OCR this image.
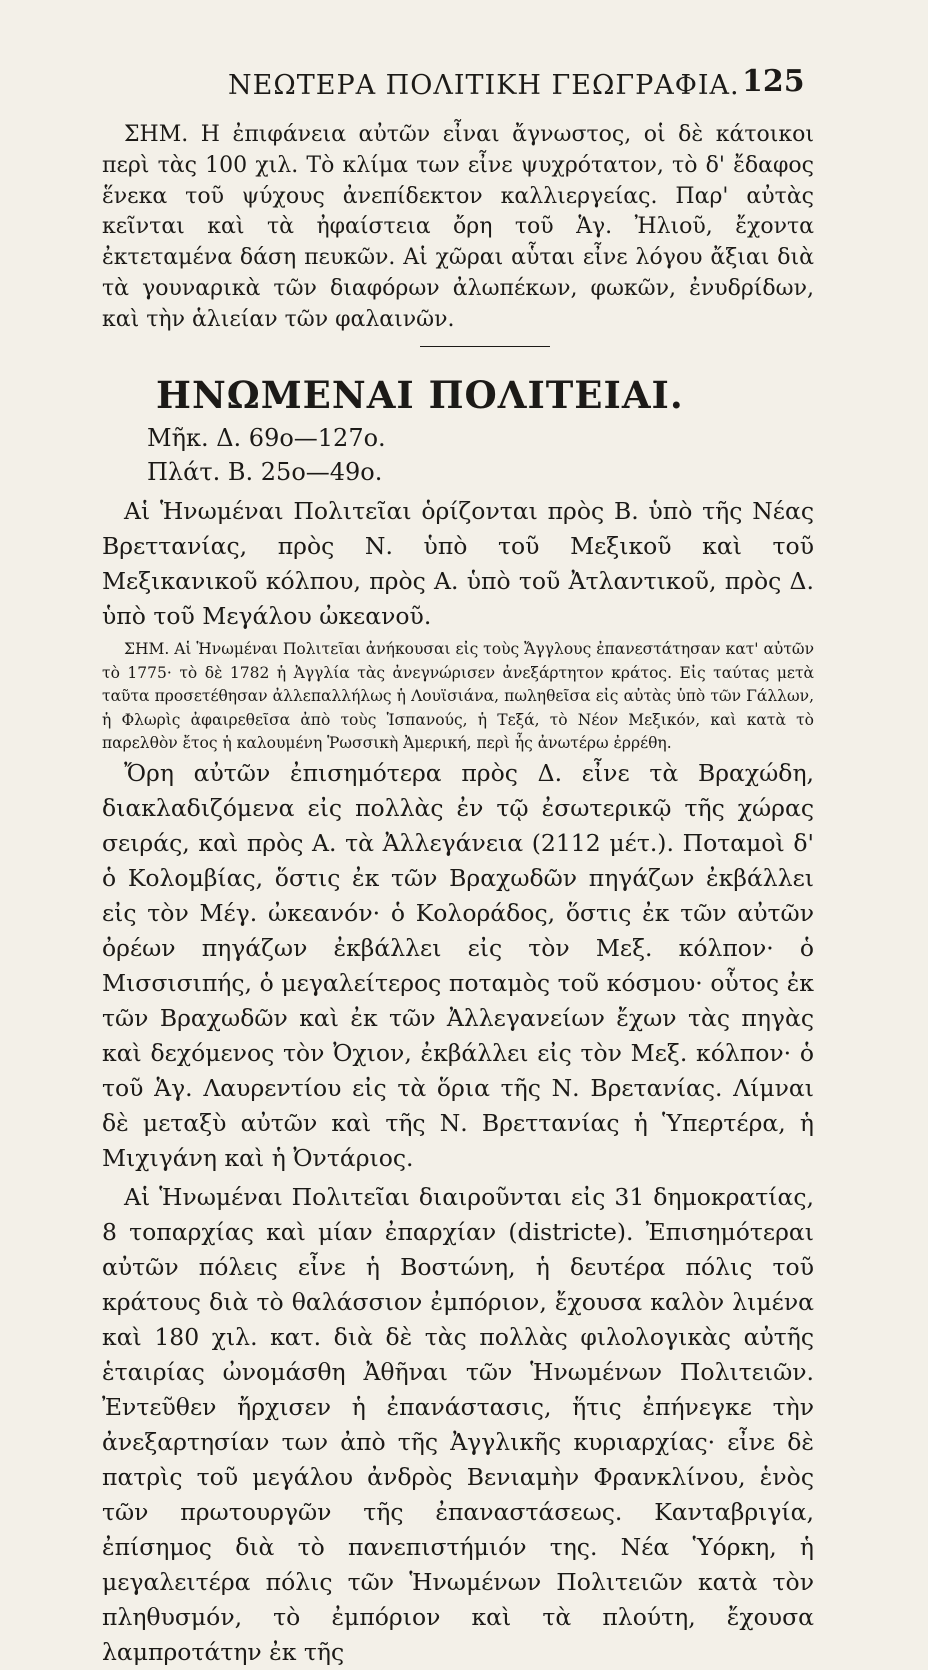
ΝΕΩΤΕΡΑ ΠΟΛΙΤΙΚΗ ΓΕΩΓΡΑΦΙΑ. 125

ΣΗΜ. Η ἐπιφάνεια αὐτῶν εἶναι ἄγνωστος, οἱ δὲ κάτοικοι περὶ τὰς 100 χιλ. Τὸ κλίμα των εἶνε ψυχρότατον, τὸ δ' ἔδαφος ἕνεκα τοῦ ψύχους ἀνεπίδεκτον καλλιεργείας. Παρ' αὐτὰς κεῖνται καὶ τὰ ἠφαίστεια ὄρη τοῦ Ἁγ. Ἠλιοῦ, ἔχοντα ἐκτεταμένα δάση πευκῶν. Αἱ χῶραι αὗται εἶνε λόγου ἄξιαι διὰ τὰ γουναρικὰ τῶν διαφόρων ἀλωπέκων, φωκῶν, ἐνυδρίδων, καὶ τὴν ἁλιείαν τῶν φαλαινῶν.

ΗΝΩΜΕΝΑΙ ΠΟΛΙΤΕΙΑΙ.

Μῆκ. Δ. 69ο—127ο.

Πλάτ. Β. 25ο—49ο.

Αἱ Ἡνωμέναι Πολιτεῖαι ὁρίζονται πρὸς Β. ὑπὸ τῆς Νέας Βρεττανίας, πρὸς Ν. ὑπὸ τοῦ Μεξικοῦ καὶ τοῦ Μεξικανικοῦ κόλπου, πρὸς Α. ὑπὸ τοῦ Ἀτλαντικοῦ, πρὸς Δ. ὑπὸ τοῦ Μεγάλου ὠκεανοῦ.

ΣΗΜ. Αἱ Ἡνωμέναι Πολιτεῖαι ἀνήκουσαι εἰς τοὺς Ἄγγλους ἐπανεστάτησαν κατ' αὐτῶν τὸ 1775· τὸ δὲ 1782 ἡ Ἀγγλία τὰς ἀνεγνώρισεν ἀνεξάρτητον κράτος. Εἰς ταύτας μετὰ ταῦτα προσετέθησαν ἀλλεπαλλήλως ἡ Λουϊσιάνα, πωληθεῖσα εἰς αὐτὰς ὑπὸ τῶν Γάλλων, ἡ Φλωρὶς ἀφαιρεθεῖσα ἀπὸ τοὺς Ἱσπανούς, ἡ Τεξά, τὸ Νέον Μεξικόν, καὶ κατὰ τὸ παρελθὸν ἔτος ἡ καλουμένη Ῥωσσικὴ Ἀμερική, περὶ ἧς ἀνωτέρω ἐρρέθη.

Ὄρη αὐτῶν ἐπισημότερα πρὸς Δ. εἶνε τὰ Βραχώδη, διακλαδιζόμενα εἰς πολλὰς ἐν τῷ ἐσωτερικῷ τῆς χώρας σειράς, καὶ πρὸς Α. τὰ Ἀλλεγάνεια (2112 μέτ.). Ποταμοὶ δ' ὁ Κολομβίας, ὅστις ἐκ τῶν Βραχωδῶν πηγάζων ἐκβάλλει εἰς τὸν Μέγ. ὠκεανόν· ὁ Κολοράδος, ὅστις ἐκ τῶν αὐτῶν ὀρέων πηγάζων ἐκβάλλει εἰς τὸν Μεξ. κόλπον· ὁ Μισσισιπής, ὁ μεγαλείτερος ποταμὸς τοῦ κόσμου· οὗτος ἐκ τῶν Βραχωδῶν καὶ ἐκ τῶν Ἀλλεγανείων ἔχων τὰς πηγὰς καὶ δεχόμενος τὸν Ὀχιον, ἐκβάλλει εἰς τὸν Μεξ. κόλπον· ὁ τοῦ Ἁγ. Λαυρεντίου εἰς τὰ ὅρια τῆς Ν. Βρετανίας. Λίμναι δὲ μεταξὺ αὐτῶν καὶ τῆς Ν. Βρεττανίας ἡ Ὑπερτέρα, ἡ Μιχιγάνη καὶ ἡ Ὀντάριος.

Αἱ Ἡνωμέναι Πολιτεῖαι διαιροῦνται εἰς 31 δημοκρατίας, 8 τοπαρχίας καὶ μίαν ἐπαρχίαν (districte). Ἐπισημότεραι αὐτῶν πόλεις εἶνε ἡ Βοστώνη, ἡ δευτέρα πόλις τοῦ κράτους διὰ τὸ θαλάσσιον ἐμπόριον, ἔχουσα καλὸν λιμένα καὶ 180 χιλ. κατ. διὰ δὲ τὰς πολλὰς φιλολογικὰς αὐτῆς ἑταιρίας ὠνομάσθη Ἀθῆναι τῶν Ἡνωμένων Πολιτειῶν. Ἐντεῦθεν ἤρχισεν ἡ ἐπανάστασις, ἥτις ἐπήνεγκε τὴν ἀνεξαρτησίαν των ἀπὸ τῆς Ἀγγλικῆς κυριαρχίας· εἶνε δὲ πατρὶς τοῦ μεγάλου ἀνδρὸς Βενιαμὴν Φρανκλίνου, ἑνὸς τῶν πρωτουργῶν τῆς ἐπαναστάσεως. Κανταβριγία, ἐπίσημος διὰ τὸ πανεπιστήμιόν της. Νέα Ὑόρκη, ἡ μεγαλειτέρα πόλις τῶν Ἡνωμένων Πολιτειῶν κατὰ τὸν πληθυσμόν, τὸ ἐμπόριον καὶ τὰ πλούτη, ἔχουσα λαμπροτάτην ἐκ τῆς
